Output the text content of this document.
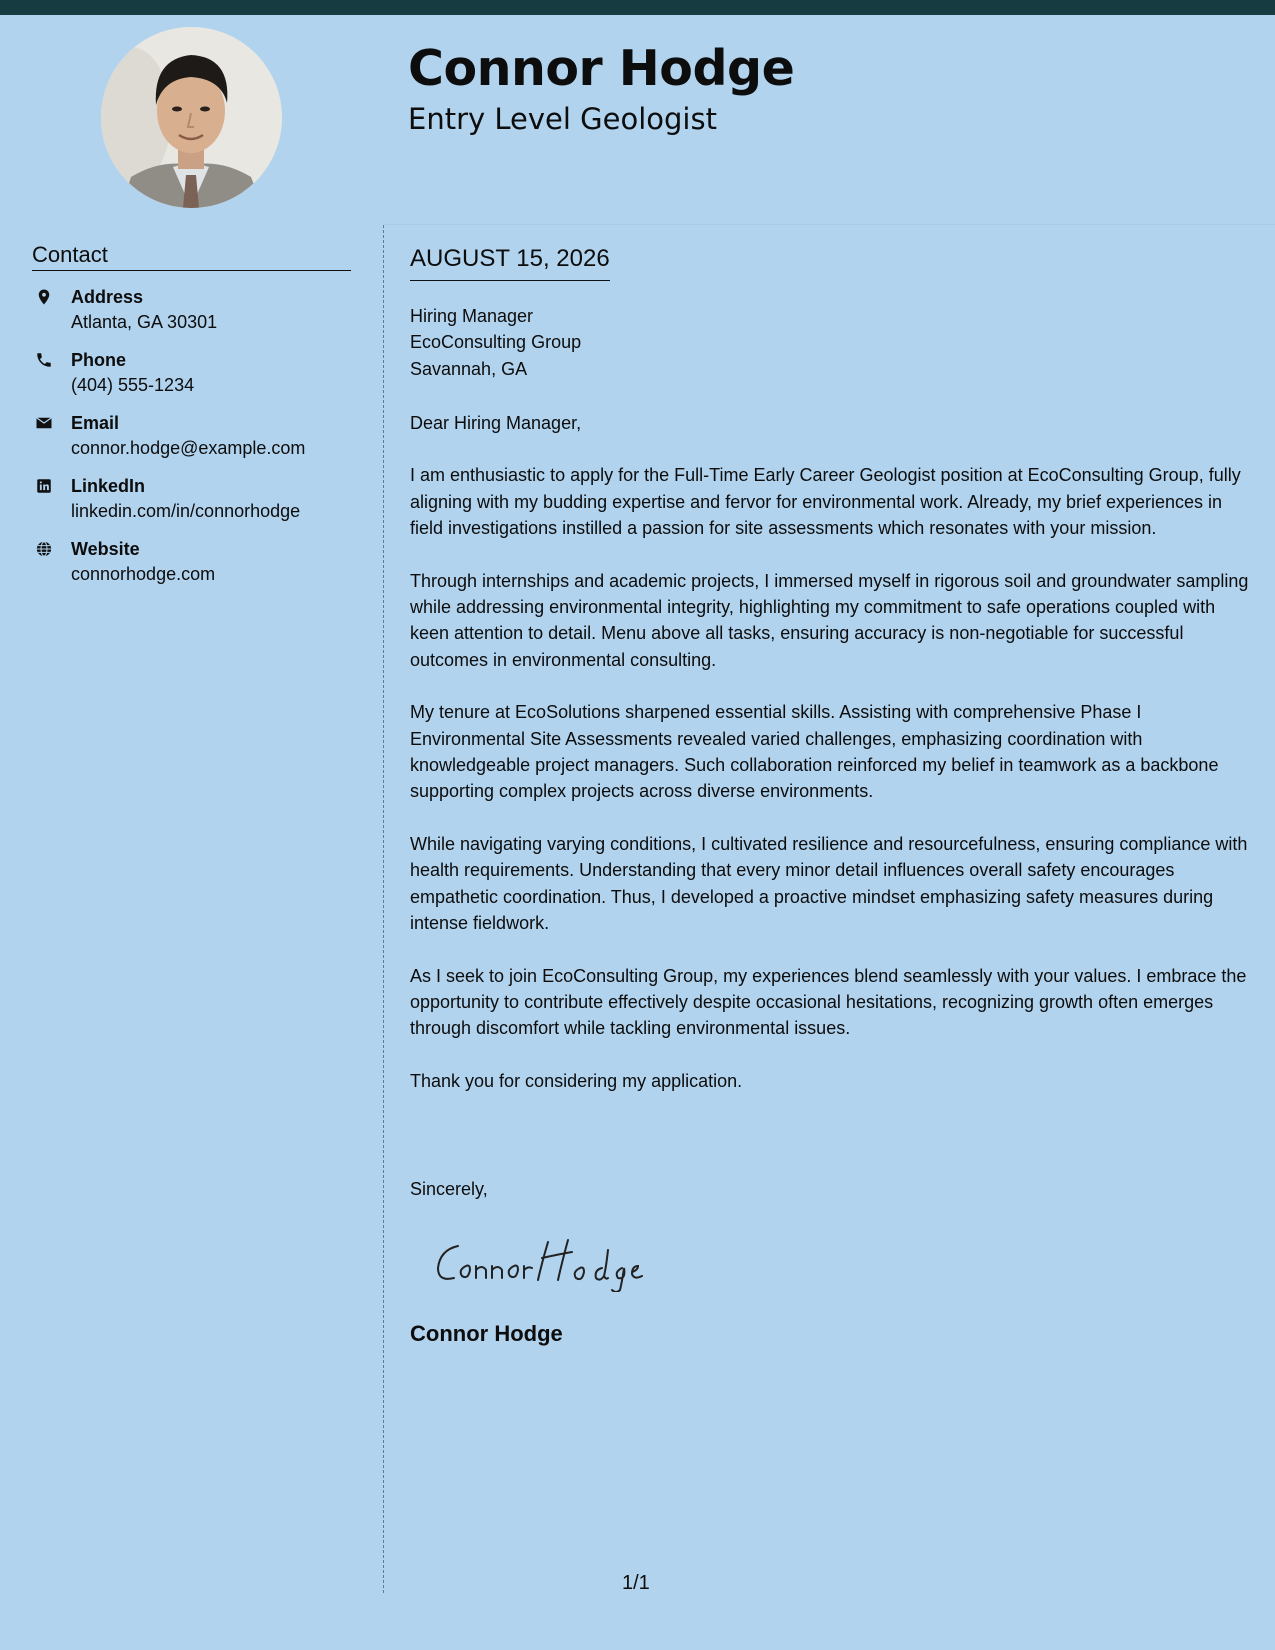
Connor Hodge
Entry Level Geologist
Contact
Address
Atlanta, GA 30301
Phone
(404) 555-1234
Email
connor.hodge@example.com
LinkedIn
linkedin.com/in/connorhodge
Website
connorhodge.com
AUGUST 15, 2026
Hiring Manager
EcoConsulting Group
Savannah, GA
Dear Hiring Manager,

I am enthusiastic to apply for the Full-Time Early Career Geologist position at EcoConsulting Group, fully aligning with my budding expertise and fervor for environmental work. Already, my brief experiences in field investigations instilled a passion for site assessments which resonates with your mission.

Through internships and academic projects, I immersed myself in rigorous soil and groundwater sampling while addressing environmental integrity, highlighting my commitment to safe operations coupled with keen attention to detail. Menu above all tasks, ensuring accuracy is non-negotiable for successful outcomes in environmental consulting.

My tenure at EcoSolutions sharpened essential skills. Assisting with comprehensive Phase I Environmental Site Assessments revealed varied challenges, emphasizing coordination with knowledgeable project managers. Such collaboration reinforced my belief in teamwork as a backbone supporting complex projects across diverse environments.

While navigating varying conditions, I cultivated resilience and resourcefulness, ensuring compliance with health requirements. Understanding that every minor detail influences overall safety encourages empathetic coordination. Thus, I developed a proactive mindset emphasizing safety measures during intense fieldwork.

As I seek to join EcoConsulting Group, my experiences blend seamlessly with your values. I embrace the opportunity to contribute effectively despite occasional hesitations, recognizing growth often emerges through discomfort while tackling environmental issues.

Thank you for considering my application.

Sincerely,
Connor Hodge
1/1
